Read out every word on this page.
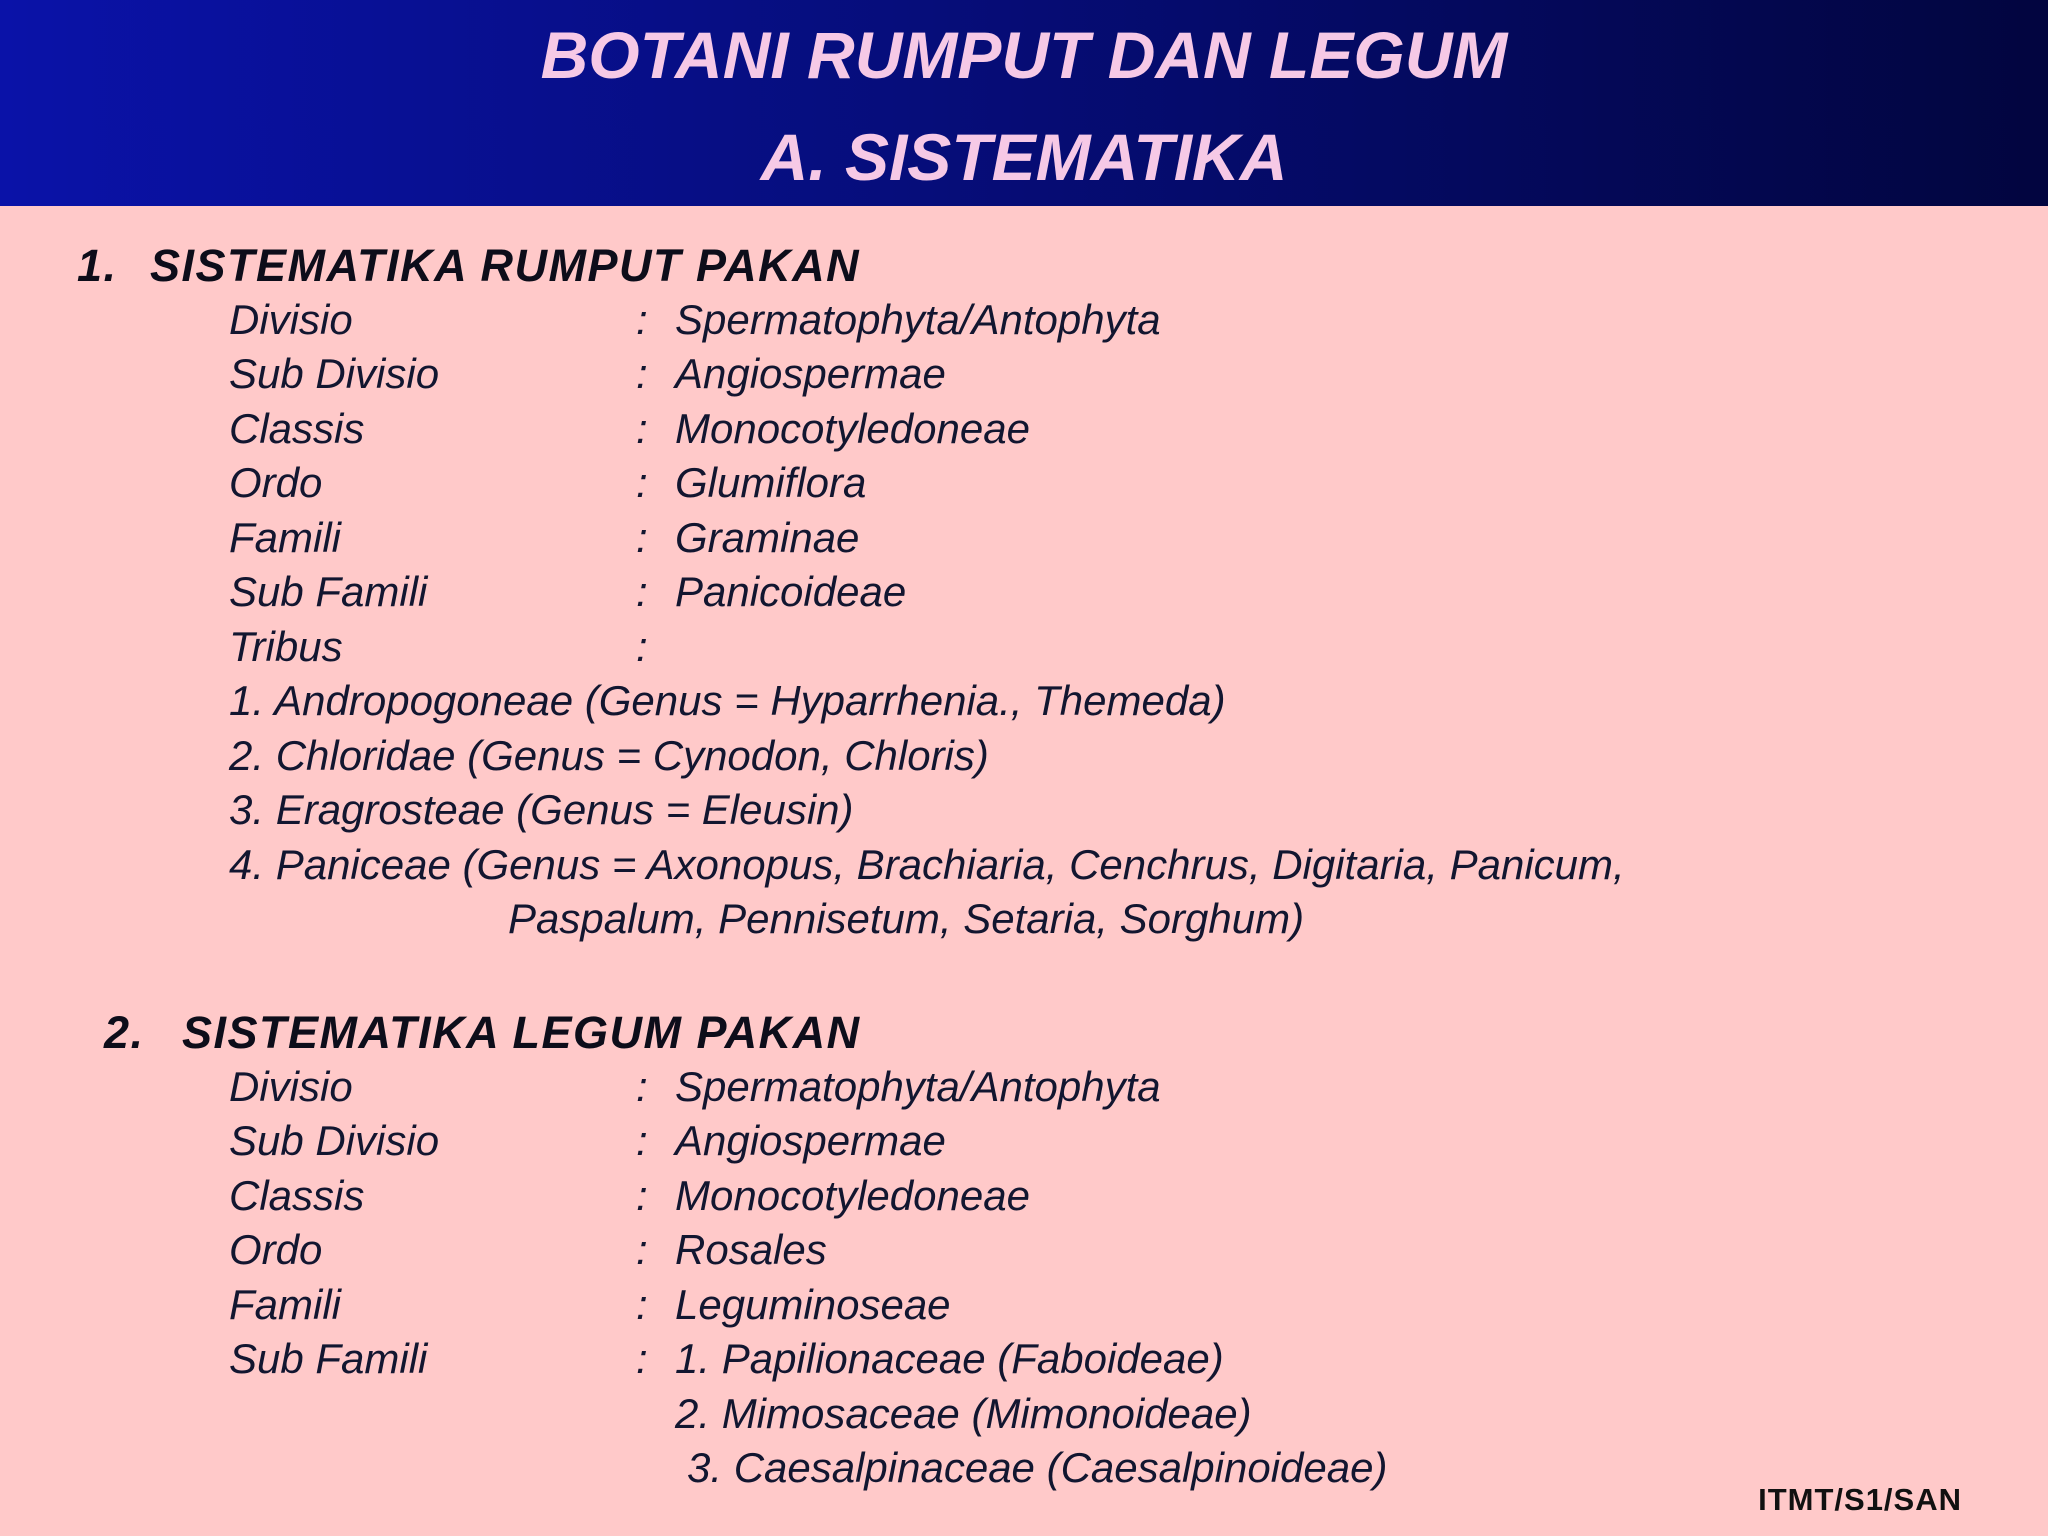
BOTANI RUMPUT DAN LEGUM
A. SISTEMATIKA
1. SISTEMATIKA RUMPUT PAKAN
Divisio	: Spermatophyta/Antophyta
Sub Divisio	: Angiospermae
Classis	: Monocotyledoneae
Ordo	: Glumiflora
Famili	: Graminae
Sub Famili	: Panicoideae
Tribus	:
1. Andropogoneae (Genus = Hyparrhenia., Themeda)
2. Chloridae (Genus = Cynodon, Chloris)
3. Eragrosteae (Genus = Eleusin)
4. Paniceae (Genus = Axonopus, Brachiaria, Cenchrus, Digitaria, Panicum,
Paspalum, Pennisetum, Setaria, Sorghum)
2. SISTEMATIKA LEGUM PAKAN
Divisio	: Spermatophyta/Antophyta
Sub Divisio	: Angiospermae
Classis	: Monocotyledoneae
Ordo	: Rosales
Famili	: Leguminoseae
Sub Famili	: 1. Papilionaceae (Faboideae)
2. Mimosaceae (Mimonoideae)
3. Caesalpinaceae (Caesalpinoideae)
ITMT/S1/SAN
